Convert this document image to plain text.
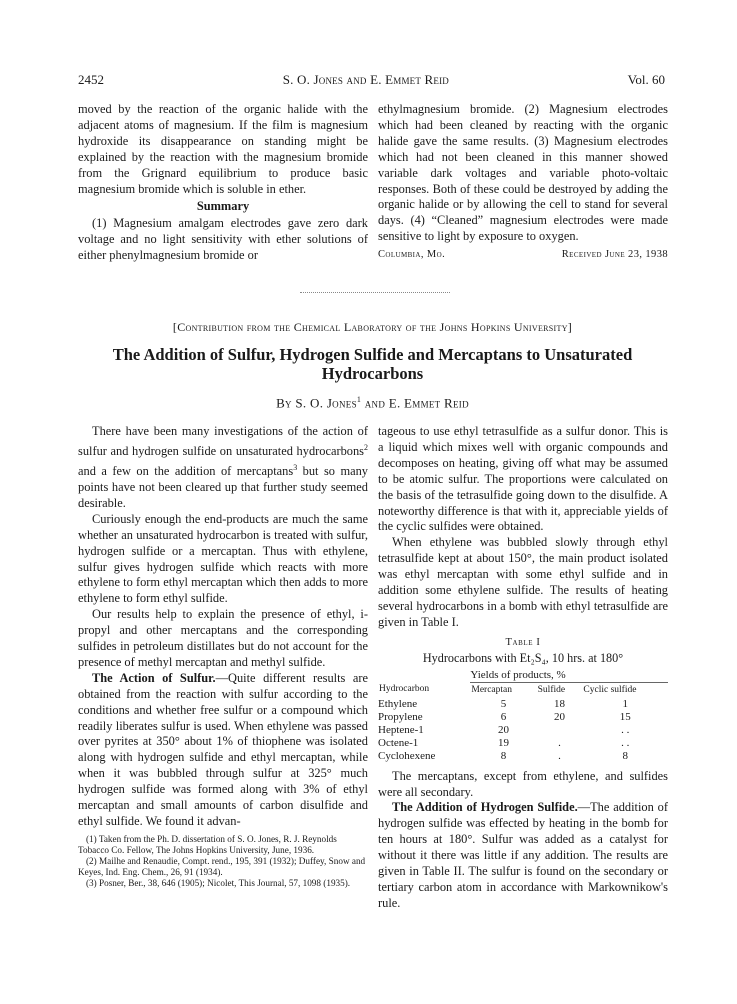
2452	S. O. Jones and E. Emmet Reid	Vol. 60

moved by the reaction of the organic halide with the adjacent atoms of magnesium. If the film is magnesium hydroxide its disappearance on standing might be explained by the reaction with the magnesium bromide from the Grignard equilibrium to produce basic magnesium bromide which is soluble in ether.

Summary

(1) Magnesium amalgam electrodes gave zero dark voltage and no light sensitivity with ether solutions of either phenylmagnesium bromide or

ethylmagnesium bromide. (2) Magnesium electrodes which had been cleaned by reacting with the organic halide gave the same results. (3) Magnesium electrodes which had not been cleaned in this manner showed variable dark voltages and variable photo-voltaic responses. Both of these could be destroyed by adding the organic halide or by allowing the cell to stand for several days. (4) “Cleaned” magnesium electrodes were made sensitive to light by exposure to oxygen.

Columbia, Mo.	Received June 23, 1938
[Contribution from the Chemical Laboratory of the Johns Hopkins University]
The Addition of Sulfur, Hydrogen Sulfide and Mercaptans to Unsaturated Hydrocarbons
By S. O. Jones$^1$ and E. Emmet Reid

There have been many investigations of the action of sulfur and hydrogen sulfide on unsaturated hydrocarbons$^2$ and a few on the addition of mercaptans$^3$ but so many points have not been cleared up that further study seemed desirable.

Curiously enough the end-products are much the same whether an unsaturated hydrocarbon is treated with sulfur, hydrogen sulfide or a mercaptan. Thus with ethylene, sulfur gives hydrogen sulfide which reacts with more ethylene to form ethyl mercaptan which then adds to more ethylene to form ethyl sulfide.

Our results help to explain the presence of ethyl, i-propyl and other mercaptans and the corresponding sulfides in petroleum distillates but do not account for the presence of methyl mercaptan and methyl sulfide.

The Action of Sulfur.—Quite different results are obtained from the reaction with sulfur according to the conditions and whether free sulfur or a compound which readily liberates sulfur is used. When ethylene was passed over pyrites at 350° about 1% of thiophene was isolated along with hydrogen sulfide and ethyl mercaptan, while when it was bubbled through sulfur at 325° much hydrogen sulfide was formed along with 3% of ethyl mercaptan and small amounts of carbon disulfide and ethyl sulfide. We found it advan-

(1) Taken from the Ph. D. dissertation of S. O. Jones, R. J. Reynolds Tobacco Co. Fellow, The Johns Hopkins University, June, 1936.
(2) Mailhe and Renaudie, Compt. rend., 195, 391 (1932); Duffey, Snow and Keyes, Ind. Eng. Chem., 26, 91 (1934).
(3) Posner, Ber., 38, 646 (1905); Nicolet, This Journal, 57, 1098 (1935).

tageous to use ethyl tetrasulfide as a sulfur donor. This is a liquid which mixes well with organic compounds and decomposes on heating, giving off what may be assumed to be atomic sulfur. The proportions were calculated on the basis of the tetrasulfide going down to the disulfide. A noteworthy difference is that with it, appreciable yields of the cyclic sulfides were obtained.

When ethylene was bubbled slowly through ethyl tetrasulfide kept at about 150°, the main product isolated was ethyl mercaptan with some ethyl sulfide and in addition some ethylene sulfide. The results of heating several hydrocarbons in a bomb with ethyl tetrasulfide are given in Table I.

Table I
Hydrocarbons with Et₂S₄, 10 hrs. at 180°
	Yields of products, %		
Hydrocarbon	Mercaptan	Sulfide	Cyclic sulfide
Ethylene	5	18	1
Propylene	6	20	15
Heptene-1	20		. .
Octene-1	19	.	. .
Cyclohexene	8	.	8

The mercaptans, except from ethylene, and sulfides were all secondary.

The Addition of Hydrogen Sulfide.—The addition of hydrogen sulfide was effected by heating in the bomb for ten hours at 180°. Sulfur was added as a catalyst for without it there was little if any addition. The results are given in Table II. The sulfur is found on the secondary or tertiary carbon atom in accordance with Markownikow's rule.
